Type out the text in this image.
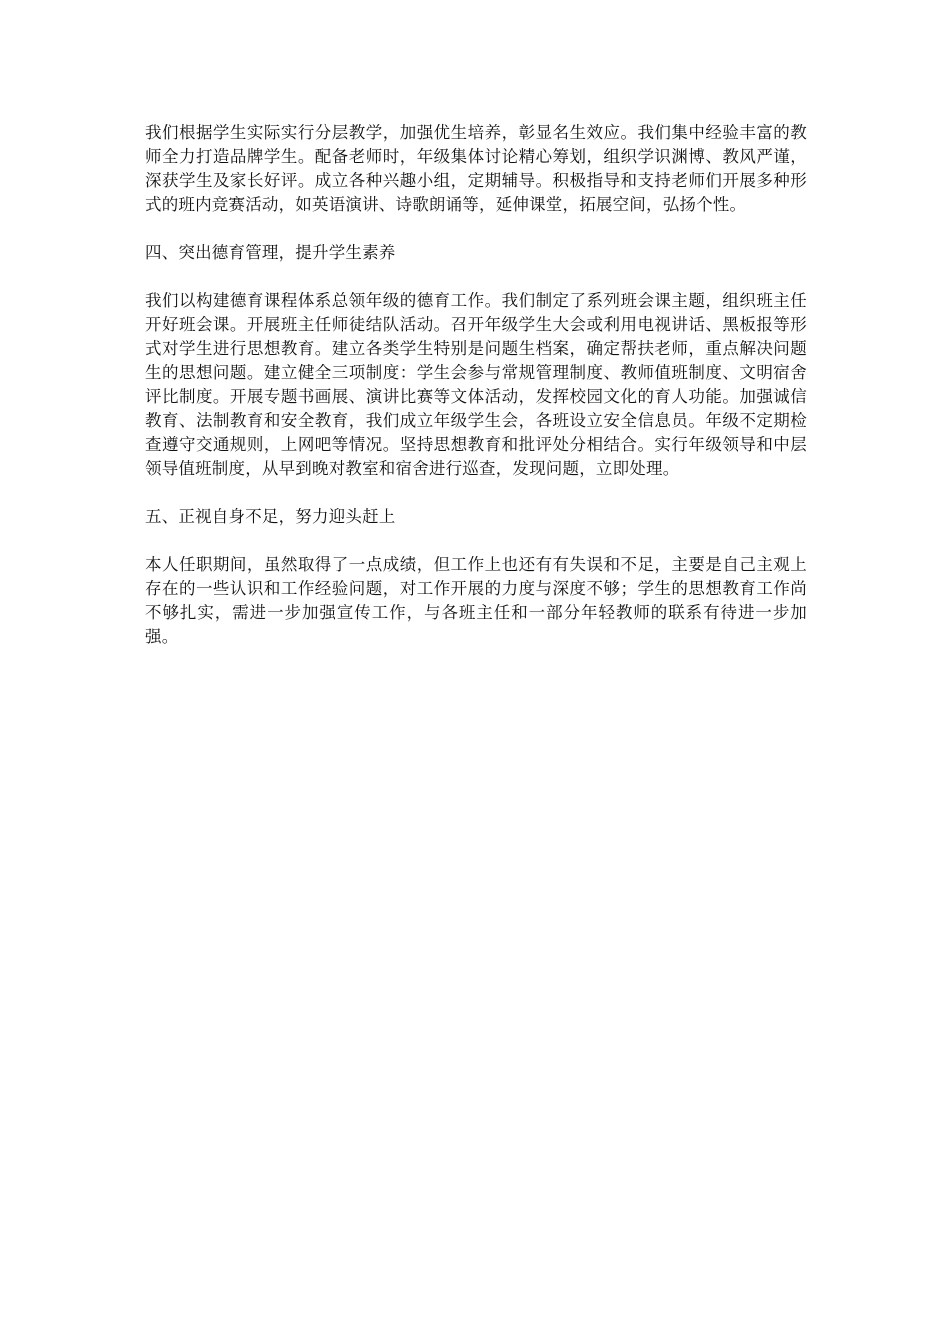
我们根据学生实际实行分层教学，加强优生培养，彰显名生效应。我们集中经验丰富的教师全力打造品牌学生。配备老师时，年级集体讨论精心筹划，组织学识渊博、教风严谨，深获学生及家长好评。成立各种兴趣小组，定期辅导。积极指导和支持老师们开展多种形式的班内竞赛活动，如英语演讲、诗歌朗诵等，延伸课堂，拓展空间，弘扬个性。

四、突出德育管理，提升学生素养

我们以构建德育课程体系总领年级的德育工作。我们制定了系列班会课主题，组织班主任开好班会课。开展班主任师徒结队活动。召开年级学生大会或利用电视讲话、黑板报等形式对学生进行思想教育。建立各类学生特别是问题生档案，确定帮扶老师，重点解决问题生的思想问题。建立健全三项制度：学生会参与常规管理制度、教师值班制度、文明宿舍评比制度。开展专题书画展、演讲比赛等文体活动，发挥校园文化的育人功能。加强诚信教育、法制教育和安全教育，我们成立年级学生会，各班设立安全信息员。年级不定期检查遵守交通规则，上网吧等情况。坚持思想教育和批评处分相结合。实行年级领导和中层领导值班制度，从早到晚对教室和宿舍进行巡查，发现问题，立即处理。

五、正视自身不足，努力迎头赶上

本人任职期间，虽然取得了一点成绩，但工作上也还有有失误和不足，主要是自己主观上存在的一些认识和工作经验问题，对工作开展的力度与深度不够；学生的思想教育工作尚不够扎实，需进一步加强宣传工作，与各班主任和一部分年轻教师的联系有待进一步加强。
